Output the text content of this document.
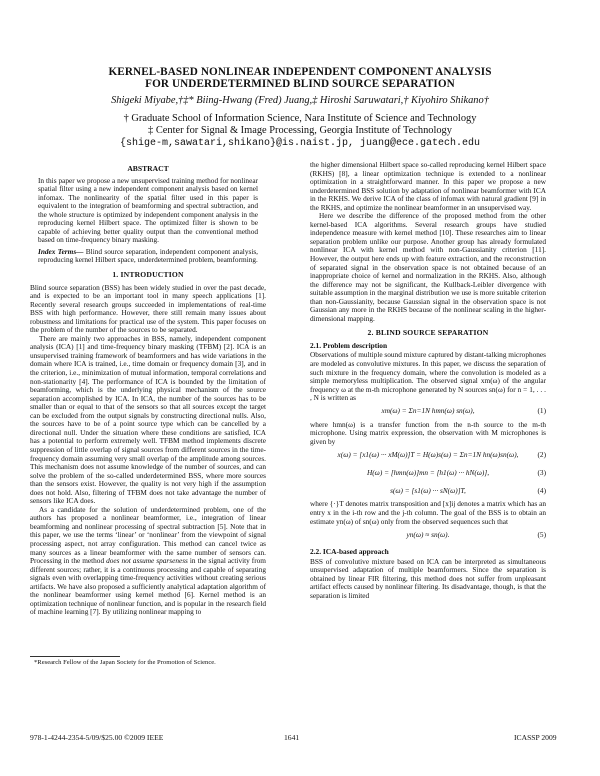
KERNEL-BASED NONLINEAR INDEPENDENT COMPONENT ANALYSIS
FOR UNDERDETERMINED BLIND SOURCE SEPARATION
Shigeki Miyabe,†‡* Biing-Hwang (Fred) Juang,‡ Hiroshi Saruwatari,† Kiyohiro Shikano†
† Graduate School of Information Science, Nara Institute of Science and Technology
‡ Center for Signal & Image Processing, Georgia Institute of Technology
{shige-m,sawatari,shikano}@is.naist.jp, juang@ece.gatech.edu
ABSTRACT

In this paper we propose a new unsupervised training method for nonlinear spatial filter using a new independent component analysis based on kernel infomax. The nonlinearity of the spatial filter used in this paper is equivalent to the integration of beamforming and spectral subtraction, and the whole structure is optimized by independent component analysis in the reproducing kernel Hilbert space. The optimized filter is shown to be capable of achieving better quality output than the conventional method based on time-frequency binary masking.

Index Terms— Blind source separation, independent component analysis, reproducing kernel Hilbert space, underdetermined problem, beamforming.

1. INTRODUCTION

Blind source separation (BSS) has been widely studied in over the past decade, and is expected to be an important tool in many speech applications [1]. Recently several research groups succeeded in implementations of real-time BSS with high performance. However, there still remain many issues about robustness and limitations for practical use of the system. This paper focuses on the problem of the number of the sources to be separated.

There are mainly two approaches in BSS, namely, independent component analysis (ICA) [1] and time-frequency binary masking (TFBM) [2]. ICA is an unsupervised training framework of beamformers and has wide variations in the domain where ICA is trained, i.e., time domain or frequency domain [3], and in the criterion, i.e., minimization of mutual information, temporal correlations and non-stationarity [4]. The performance of ICA is bounded by the limitation of beamforming, which is the underlying physical mechanism of the source separation accomplished by ICA. In ICA, the number of the sources has to be smaller than or equal to that of the sensors so that all sources except the target can be excluded from the output signals by constructing directional nulls. Also, the sources have to be of a point source type which can be cancelled by a directional null. Under the situation where these conditions are satisfied, ICA has a potential to perform extremely well. TFBM method implements discrete suppression of little overlap of signal sources from different sources in the time-frequency domain assuming very small overlap of the amplitude among sources. This mechanism does not assume knowledge of the number of sources, and can solve the problem of the so-called underdetermined BSS, where more sources than the sensors exist. However, the quality is not very high if the assumption does not hold. Also, filtering of TFBM does not take advantage the number of sensors like ICA does.

As a candidate for the solution of underdetermined problem, one of the authors has proposed a nonlinear beamformer, i.e., integration of linear beamforming and nonlinear processing of spectral subtraction [5]. Note that in this paper, we use the terms ‘linear’ or ‘nonlinear’ from the viewpoint of signal processing aspect, not array configuration. This method can cancel twice as many sources as a linear beamformer with the same number of sensors can. Processing in the method does not assume sparseness in the signal activity from different sources; rather, it is a continuous processing and capable of separating signals even with overlapping time-frequency activities without creating serious artifacts. We have also proposed a sufficiently analytical adaptation algorithm of the nonlinear beamformer using kernel method [6]. Kernel method is an optimization technique of nonlinear function, and is popular in the research field of machine learning [7]. By utilizing nonlinear mapping to

*Research Fellow of the Japan Society for the Promotion of Science.

the higher dimensional Hilbert space so-called reproducing kernel Hilbert space (RKHS) [8], a linear optimization technique is extended to a nonlinear optimization in a straightforward manner. In this paper we propose a new underdetermined BSS solution by adaptation of nonlinear beamformer with ICA in the RKHS. We derive ICA of the class of infomax with natural gradient [9] in the RKHS, and optimize the nonlinear beamformer in an unsupervised way.

Here we describe the difference of the proposed method from the other kernel-based ICA algorithms. Several research groups have studied independence measure with kernel method [10]. These researches aim to linear separation problem unlike our purpose. Another group has already formulated nonlinear ICA with kernel method with non-Gaussianity criterion [11]. However, the output here ends up with feature extraction, and the reconstruction of separated signal in the observation space is not obtained because of an inappropriate choice of kernel and normalization in the RKHS. Also, although the difference may not be significant, the Kullback-Leibler divergence with suitable assumption in the marginal distribution we use is more suitable criterion than non-Gaussianity, because Gaussian signal in the observation space is not Gaussian any more in the RKHS because of the nonlinear scaling in the higher-dimensional mapping.

2. BLIND SOURCE SEPARATION
2.1. Problem description

Observations of multiple sound mixture captured by distant-talking microphones are modeled as convolutive mixtures. In this paper, we discuss the separation of such mixture in the frequency domain, where the convolution is modeled as a simple memoryless multiplication. The observed signal xm(ω) of the angular frequency ω at the m-th microphone generated by N sources sn(ω) for n = 1, . . . , N is written as

xm(ω) = Σn=1N hmn(ω) sn(ω),	(1)

where hmn(ω) is a transfer function from the n-th source to the m-th microphone. Using matrix expression, the observation with M microphones is given by

x(ω) = [x1(ω) ··· xM(ω)]T = H(ω)s(ω) = Σn=1N hn(ω)sn(ω),	(2)
H(ω) = [hmn(ω)]mn = [h1(ω) ··· hN(ω)],	(3)
s(ω) = [s1(ω) ··· sN(ω)]T,	(4)

where {·}T denotes matrix transposition and [x]ij denotes a matrix which has an entry x in the i-th row and the j-th column. The goal of the BSS is to obtain an estimate yn(ω) of sn(ω) only from the observed sequences such that

yn(ω) ≈ sn(ω).	(5)
2.2. ICA-based approach

BSS of convolutive mixture based on ICA can be interpreted as simultaneous unsupervised adaptation of multiple beamformers. Since the separation is obtained by linear FIR filtering, this method does not suffer from unpleasant artifact effects caused by nonlinear filtering. Its disadvantage, though, is that the separation is limited

978-1-4244-2354-5/09/$25.00 ©2009 IEEE	1641	ICASSP 2009
